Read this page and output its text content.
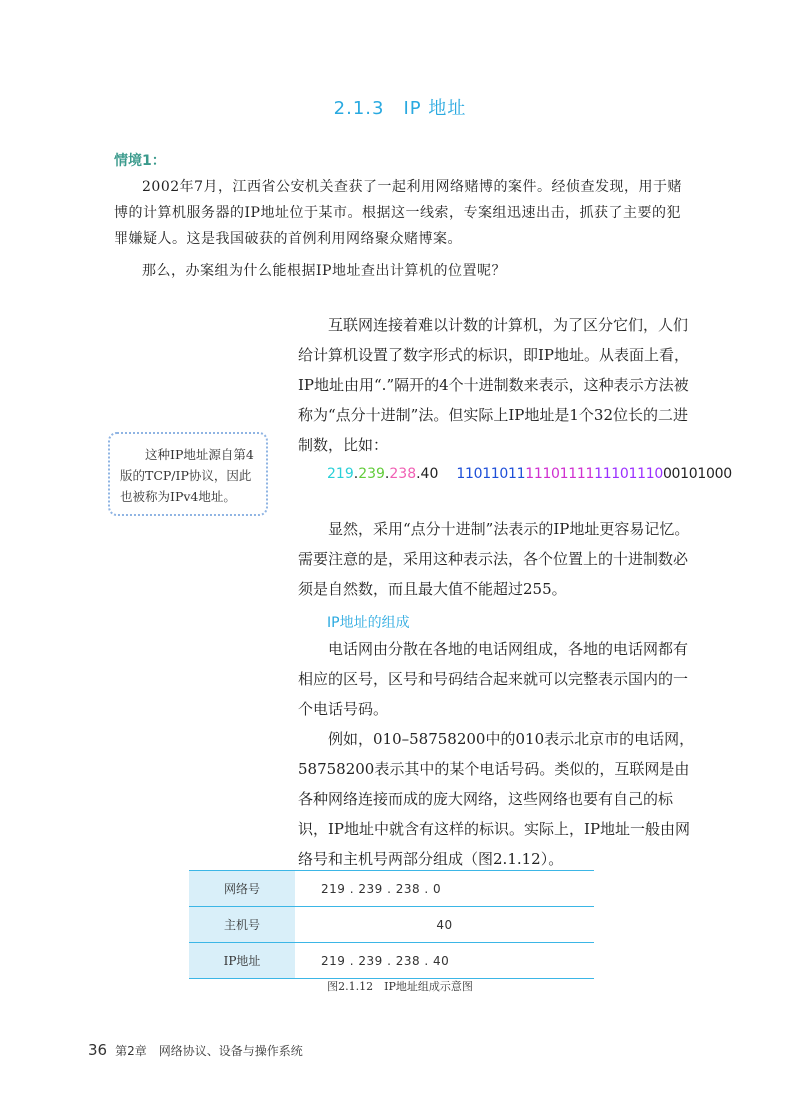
2.1.3　IP 地址
情境1：
2002年7月，江西省公安机关查获了一起利用网络赌博的案件。经侦查发现，用于赌博的计算机服务器的IP地址位于某市。根据这一线索，专案组迅速出击，抓获了主要的犯罪嫌疑人。这是我国破获的首例利用网络聚众赌博案。
那么，办案组为什么能根据IP地址查出计算机的位置呢？
互联网连接着难以计数的计算机，为了区分它们，人们给计算机设置了数字形式的标识，即IP地址。从表面上看，IP地址由用“.”隔开的4个十进制数来表示，这种表示方法被称为“点分十进制”法。但实际上IP地址是1个32位长的二进制数，比如：
这种IP地址源自第4版的TCP/IP协议，因此也被称为IPv4地址。
219.239.238.40 11011011111011111110111000101000
显然，采用“点分十进制”法表示的IP地址更容易记忆。需要注意的是，采用这种表示法，各个位置上的十进制数必须是自然数，而且最大值不能超过255。
IP地址的组成
电话网由分散在各地的电话网组成，各地的电话网都有相应的区号，区号和号码结合起来就可以完整表示国内的一个电话号码。
例如，010–58758200中的010表示北京市的电话网，58758200表示其中的某个电话号码。类似的，互联网是由各种网络连接而成的庞大网络，这些网络也要有自己的标识，IP地址中就含有这样的标识。实际上，IP地址一般由网络号和主机号两部分组成（图2.1.12）。
网络号	219 . 239 . 238 . 0
主机号	40
IP地址	219 . 239 . 238 . 40
图2.1.12　IP地址组成示意图
36 第2章　网络协议、设备与操作系统
